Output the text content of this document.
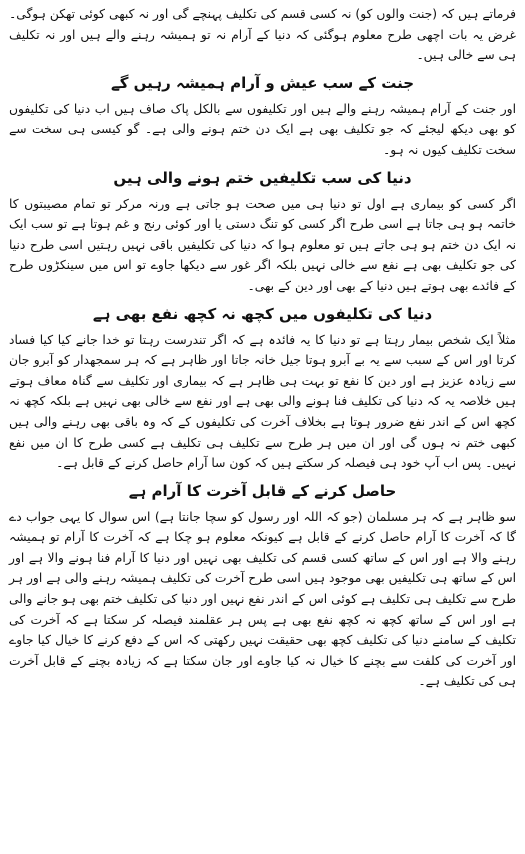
فرماتے ہیں کہ (جنت والوں کو) نہ کسی قسم کی تکلیف پہنچے گی اور نہ کبھی کوئی تھکن ہوگی۔ غرض یہ بات اچھی طرح معلوم ہوگئی کہ دنیا کے آرام نہ تو ہمیشہ رہنے والے ہیں اور نہ تکلیف ہی سے خالی ہیں۔

جنت کے سب عیش و آرام ہمیشہ رہیں گے

اور جنت کے آرام ہمیشہ رہنے والے ہیں اور تکلیفوں سے بالکل پاک صاف ہیں اب دنیا کی تکلیفوں کو بھی دیکھ لیجئے کہ جو تکلیف بھی ہے ایک دن ختم ہونے والی ہے۔ گو کیسی ہی سخت سے سخت تکلیف کیوں نہ ہو۔

دنیا کی سب تکلیفیں ختم ہونے والی ہیں

اگر کسی کو بیماری ہے اول تو دنیا ہی میں صحت ہو جاتی ہے ورنہ مرکر تو تمام مصیبتوں کا خاتمہ ہو ہی جاتا ہے اسی طرح اگر کسی کو تنگ دستی یا اور کوئی رنج و غم ہوتا ہے تو سب ایک نہ ایک دن ختم ہو ہی جاتے ہیں تو معلوم ہوا کہ دنیا کی تکلیفیں باقی نہیں رہتیں اسی طرح دنیا کی جو تکلیف بھی ہے نفع سے خالی نہیں بلکہ اگر غور سے دیکھا جاوے تو اس میں سینکڑوں طرح کے فائدے بھی ہوتے ہیں دنیا کے بھی اور دین کے بھی۔

دنیا کی تکلیفوں میں کچھ نہ کچھ نفع بھی ہے

مثلاً ایک شخص بیمار رہتا ہے تو دنیا کا یہ فائدہ ہے کہ اگر تندرست رہتا تو خدا جانے کیا کیا فساد کرتا اور اس کے سبب سے یہ بے آبرو ہوتا جیل خانہ جاتا اور ظاہر ہے کہ ہر سمجھدار کو آبرو جان سے زیادہ عزیز ہے اور دین کا نفع تو بہت ہی ظاہر ہے کہ بیماری اور تکلیف سے گناہ معاف ہوتے ہیں خلاصہ یہ کہ دنیا کی تکلیف فنا ہونے والی بھی ہے اور نفع سے خالی بھی نہیں ہے بلکہ کچھ نہ کچھ اس کے اندر نفع ضرور ہوتا ہے بخلاف آخرت کی تکلیفوں کے کہ وہ باقی بھی رہنے والی ہیں کبھی ختم نہ ہوں گی اور ان میں ہر طرح سے تکلیف ہی تکلیف ہے کسی طرح کا ان میں نفع نہیں۔ پس اب آپ خود ہی فیصلہ کر سکتے ہیں کہ کون سا آرام حاصل کرنے کے قابل ہے۔

حاصل کرنے کے قابل آخرت کا آرام ہے

سو ظاہر ہے کہ ہر مسلمان (جو کہ اللہ اور رسول کو سچا جانتا ہے) اس سوال کا یہی جواب دے گا کہ آخرت کا آرام حاصل کرنے کے قابل ہے کیونکہ معلوم ہو چکا ہے کہ آخرت کا آرام تو ہمیشہ رہنے والا ہے اور اس کے ساتھ کسی قسم کی تکلیف بھی نہیں اور دنیا کا آرام فنا ہونے والا ہے اور اس کے ساتھ ہی تکلیفیں بھی موجود ہیں اسی طرح آخرت کی تکلیف ہمیشہ رہنے والی ہے اور ہر طرح سے تکلیف ہی تکلیف ہے کوئی اس کے اندر نفع نہیں اور دنیا کی تکلیف ختم بھی ہو جانے والی ہے اور اس کے ساتھ کچھ نہ کچھ نفع بھی ہے پس ہر عقلمند فیصلہ کر سکتا ہے کہ آخرت کی تکلیف کے سامنے دنیا کی تکلیف کچھ بھی حقیقت نہیں رکھتی کہ اس کے دفع کرنے کا خیال کیا جاوے اور آخرت کی کلفت سے بچنے کا خیال نہ کیا جاوے اور جان سکتا ہے کہ زیادہ بچنے کے قابل آخرت ہی کی تکلیف ہے۔
